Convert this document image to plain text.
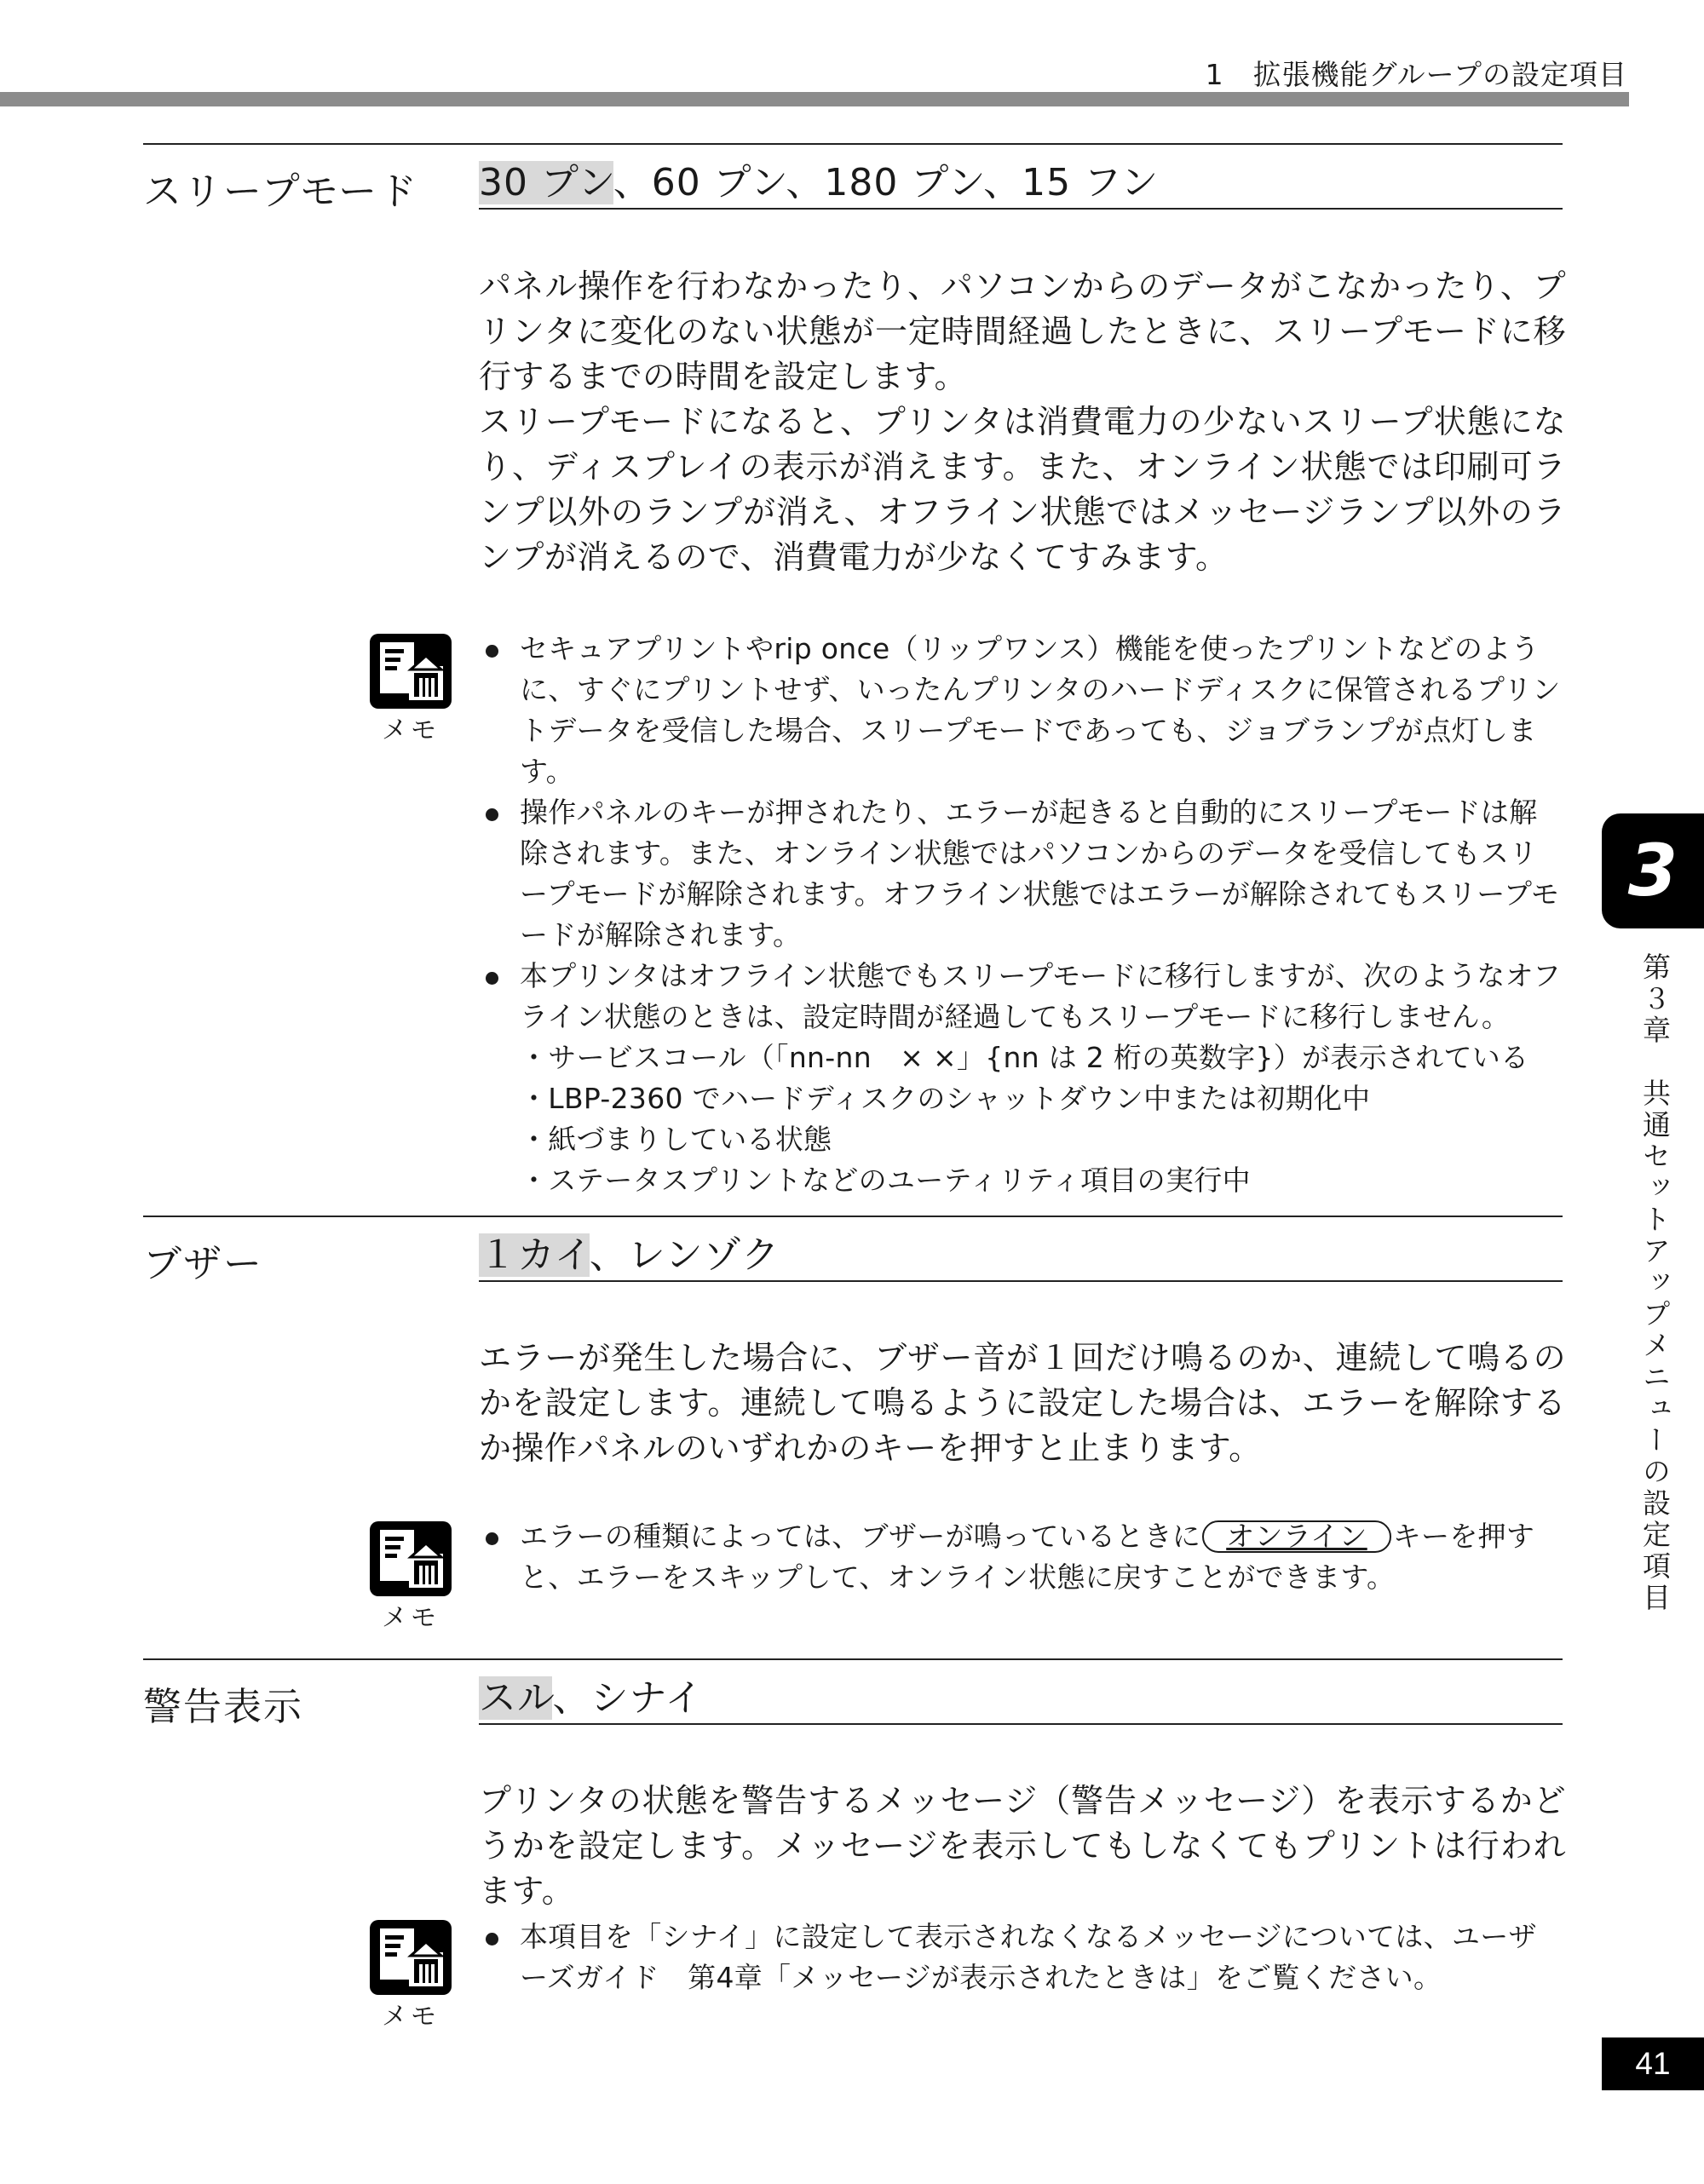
1　拡張機能グループの設定項目
スリープモード 30 プン、60 プン、180 プン、15 フン

パネル操作を行わなかったり、パソコンからのデータがこなかったり、プリンタに変化のない状態が一定時間経過したときに、スリープモードに移行するまでの時間を設定します。

スリープモードになると、プリンタは消費電力の少ないスリープ状態になり、ディスプレイの表示が消えます。また、オンライン状態では印刷可ランプ以外のランプが消え、オフライン状態ではメッセージランプ以外のランプが消えるので、消費電力が少なくてすみます。

メモ
セキュアプリントやrip once（リップワンス）機能を使ったプリントなどのように、すぐにプリントせず、いったんプリンタのハードディスクに保管されるプリントデータを受信した場合、スリープモードであっても、ジョブランプが点灯します。
操作パネルのキーが押されたり、エラーが起きると自動的にスリープモードは解除されます。また、オンライン状態ではパソコンからのデータを受信してもスリープモードが解除されます。オフライン状態ではエラーが解除されてもスリープモードが解除されます。
本プリンタはオフライン状態でもスリープモードに移行しますが、次のようなオフライン状態のときは、設定時間が経過してもスリープモードに移行しません。
・サービスコール（「nn-nn　× ×」{nn は 2 桁の英数字}）が表示されている
・LBP-2360 でハードディスクのシャットダウン中または初期化中
・紙づまりしている状態
・ステータスプリントなどのユーティリティ項目の実行中
ブザー	１カイ、レンゾク

エラーが発生した場合に、ブザー音が１回だけ鳴るのか、連続して鳴るのかを設定します。連続して鳴るように設定した場合は、エラーを解除するか操作パネルのいずれかのキーを押すと止まります。

メモ
エラーの種類によっては、ブザーが鳴っているときに オンライン キーを押すと、エラーをスキップして、オンライン状態に戻すことができます。
警告表示	スル、シナイ

プリンタの状態を警告するメッセージ（警告メッセージ）を表示するかどうかを設定します。メッセージを表示してもしなくてもプリントは行われます。

メモ
本項目を「シナイ」に設定して表示されなくなるメッセージについては、ユーザーズガイド　第4章「メッセージが表示されたときは」をご覧ください。
3
第３章　共通セットアップメニューの設定項目
41
